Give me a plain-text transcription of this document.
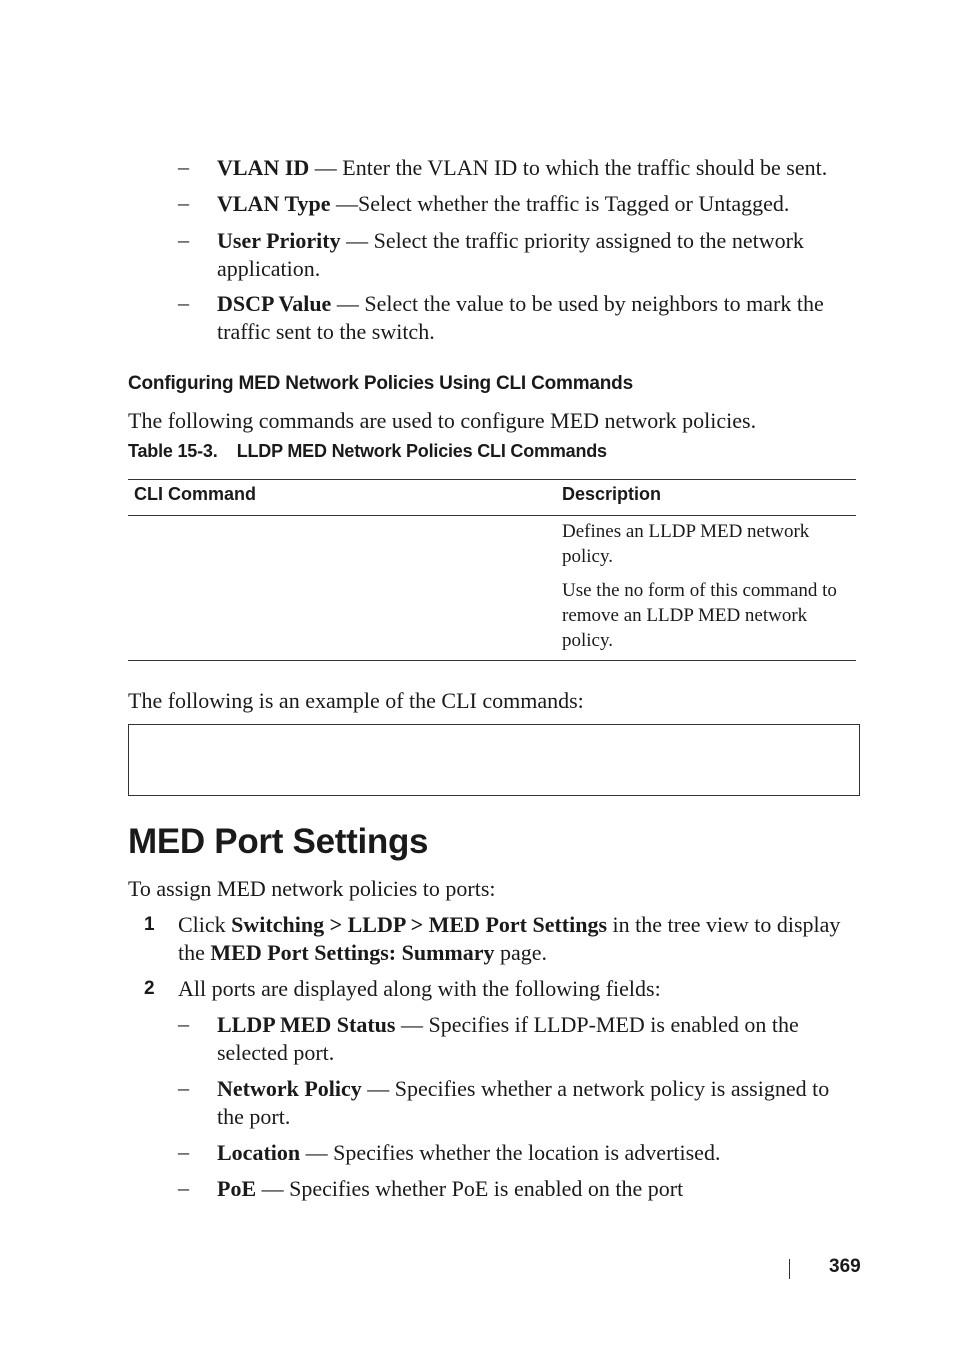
– VLAN ID — Enter the VLAN ID to which the traffic should be sent.
– VLAN Type —Select whether the traffic is Tagged or Untagged.
– User Priority — Select the traffic priority assigned to the network application.
– DSCP Value — Select the value to be used by neighbors to mark the traffic sent to the switch.
Configuring MED Network Policies Using CLI Commands
The following commands are used to configure MED network policies.
Table 15-3.    LLDP MED Network Policies CLI Commands
CLI Command	Description
Defines an LLDP MED network policy.
Use the no form of this command to remove an LLDP MED network policy.
The following is an example of the CLI commands:
MED Port Settings
To assign MED network policies to ports:
1 Click Switching > LLDP > MED Port Settings in the tree view to display the MED Port Settings: Summary page.
2 All ports are displayed along with the following fields:
– LLDP MED Status — Specifies if LLDP-MED is enabled on the selected port.
– Network Policy — Specifies whether a network policy is assigned to the port.
– Location — Specifies whether the location is advertised.
– PoE — Specifies whether PoE is enabled on the port
369
